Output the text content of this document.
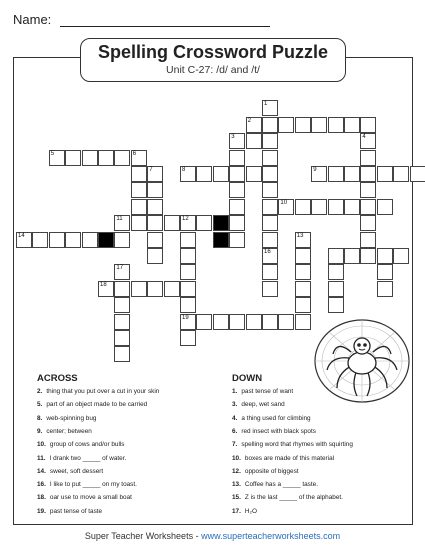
Name:
Spelling Crossword Puzzle
Unit C-27: /d/ and /t/
1
2
3	4
5	6
7	8	9
10
11	12
14	13
16
17
18
19
ACROSS
2. thing that you put over a cut in your skin
5. part of an object made to be carried
8. web-spinning bug
9. center; between
10. group of cows and/or bulls
11. I drank two _____ of water.
14. sweet, soft dessert
16. I like to put _____ on my toast.
18. oar use to move a small boat
19. past tense of taste
DOWN
1. past tense of want
3. deep, wet sand
4. a thing used for climbing
6. red insect with black spots
7. spelling word that rhymes with squirting
10. boxes are made of this material
12. opposite of biggest
13. Coffee has a _____ taste.
15. Z is the last _____ of the alphabet.
17. H₂O
Super Teacher Worksheets - www.superteacherworksheets.com
